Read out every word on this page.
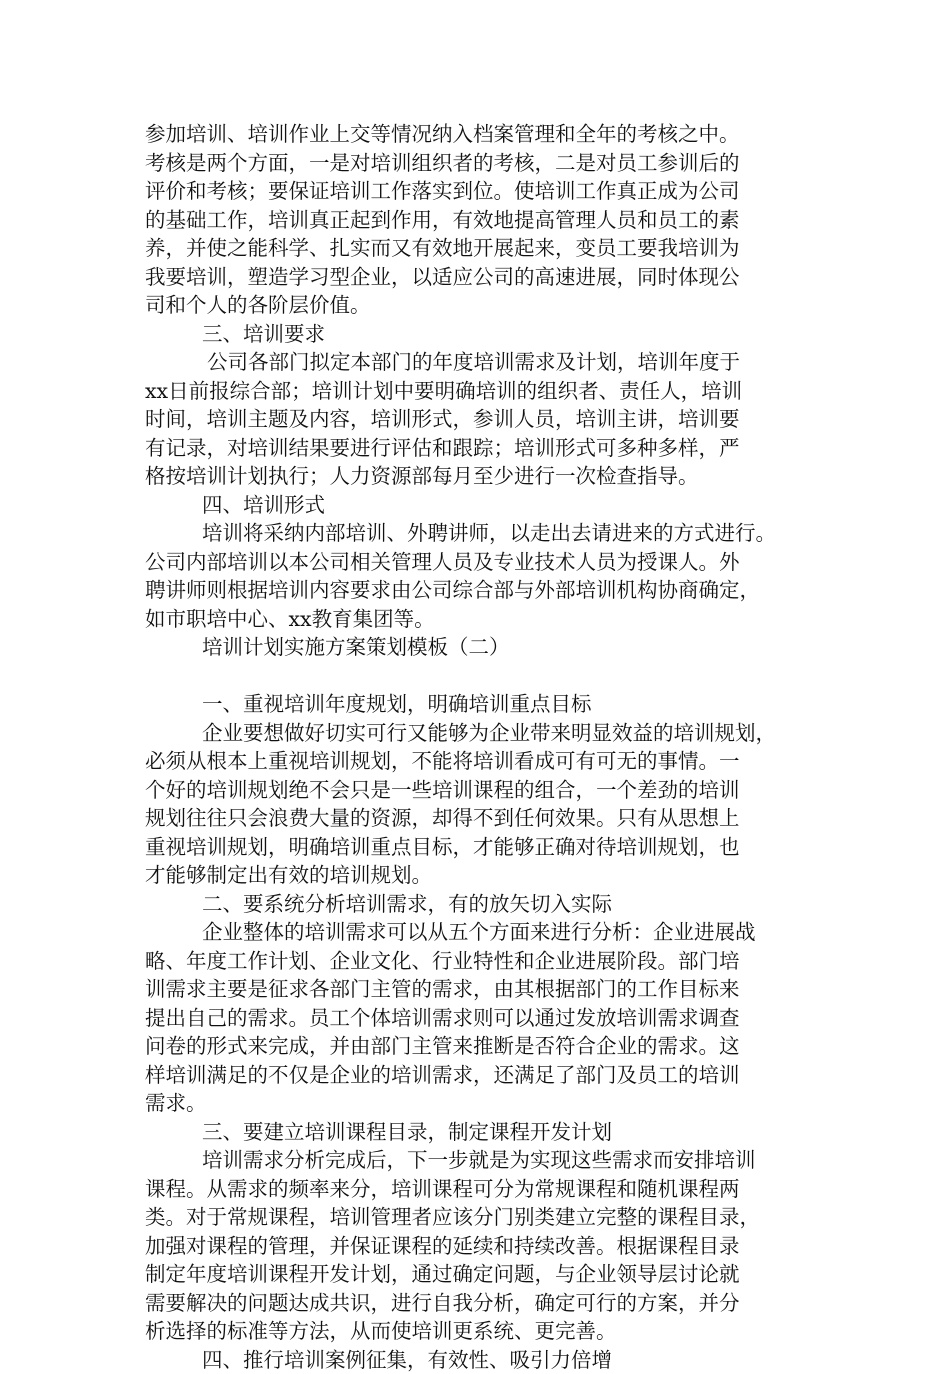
参加培训、培训作业上交等情况纳入档案管理和全年的考核之中。
考核是两个方面，一是对培训组织者的考核，二是对员工参训后的
评价和考核；要保证培训工作落实到位。使培训工作真正成为公司
的基础工作，培训真正起到作用，有效地提高管理人员和员工的素
养，并使之能科学、扎实而又有效地开展起来，变员工要我培训为
我要培训，塑造学习型企业，以适应公司的高速进展，同时体现公
司和个人的各阶层价值。
三、培训要求
公司各部门拟定本部门的年度培训需求及计划，培训年度于
xx日前报综合部；培训计划中要明确培训的组织者、责任人，培训
时间，培训主题及内容，培训形式，参训人员，培训主讲，培训要
有记录，对培训结果要进行评估和跟踪；培训形式可多种多样，严
格按培训计划执行；人力资源部每月至少进行一次检查指导。
四、培训形式
培训将采纳内部培训、外聘讲师，以走出去请进来的方式进行。
公司内部培训以本公司相关管理人员及专业技术人员为授课人。外
聘讲师则根据培训内容要求由公司综合部与外部培训机构协商确定，
如市职培中心、xx教育集团等。
培训计划实施方案策划模板（二）
一、重视培训年度规划，明确培训重点目标
企业要想做好切实可行又能够为企业带来明显效益的培训规划，
必须从根本上重视培训规划，不能将培训看成可有可无的事情。一
个好的培训规划绝不会只是一些培训课程的组合，一个差劲的培训
规划往往只会浪费大量的资源，却得不到任何效果。只有从思想上
重视培训规划，明确培训重点目标，才能够正确对待培训规划，也
才能够制定出有效的培训规划。
二、要系统分析培训需求，有的放矢切入实际
企业整体的培训需求可以从五个方面来进行分析：企业进展战
略、年度工作计划、企业文化、行业特性和企业进展阶段。部门培
训需求主要是征求各部门主管的需求，由其根据部门的工作目标来
提出自己的需求。员工个体培训需求则可以通过发放培训需求调查
问卷的形式来完成，并由部门主管来推断是否符合企业的需求。这
样培训满足的不仅是企业的培训需求，还满足了部门及员工的培训
需求。
三、要建立培训课程目录，制定课程开发计划
培训需求分析完成后，下一步就是为实现这些需求而安排培训
课程。从需求的频率来分，培训课程可分为常规课程和随机课程两
类。对于常规课程，培训管理者应该分门别类建立完整的课程目录，
加强对课程的管理，并保证课程的延续和持续改善。根据课程目录
制定年度培训课程开发计划，通过确定问题，与企业领导层讨论就
需要解决的问题达成共识，进行自我分析，确定可行的方案，并分
析选择的标准等方法，从而使培训更系统、更完善。
四、推行培训案例征集，有效性、吸引力倍增
